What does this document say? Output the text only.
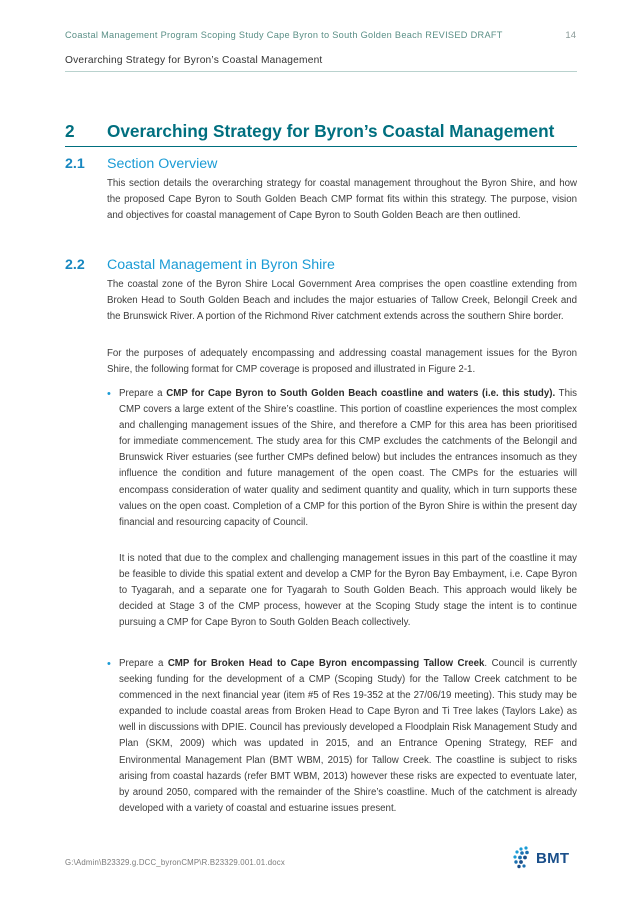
Coastal Management Program Scoping Study Cape Byron to South Golden Beach REVISED DRAFT	14
Overarching Strategy for Byron’s Coastal Management
2 Overarching Strategy for Byron’s Coastal Management
2.1 Section Overview

This section details the overarching strategy for coastal management throughout the Byron Shire, and how the proposed Cape Byron to South Golden Beach CMP format fits within this strategy. The purpose, vision and objectives for coastal management of Cape Byron to South Golden Beach are then outlined.

2.2 Coastal Management in Byron Shire

The coastal zone of the Byron Shire Local Government Area comprises the open coastline extending from Broken Head to South Golden Beach and includes the major estuaries of Tallow Creek, Belongil Creek and the Brunswick River. A portion of the Richmond River catchment extends across the southern Shire border.

For the purposes of adequately encompassing and addressing coastal management issues for the Byron Shire, the following format for CMP coverage is proposed and illustrated in Figure 2-1.

• Prepare a CMP for Cape Byron to South Golden Beach coastline and waters (i.e. this study). This CMP covers a large extent of the Shire’s coastline. This portion of coastline experiences the most complex and challenging management issues of the Shire, and therefore a CMP for this area has been prioritised for immediate commencement. The study area for this CMP excludes the catchments of the Belongil and Brunswick River estuaries (see further CMPs defined below) but includes the entrances insomuch as they influence the condition and future management of the open coast. The CMPs for the estuaries will encompass consideration of water quality and sediment quantity and quality, which in turn supports these values on the open coast. Completion of a CMP for this portion of the Byron Shire is within the present day financial and resourcing capacity of Council.

It is noted that due to the complex and challenging management issues in this part of the coastline it may be feasible to divide this spatial extent and develop a CMP for the Byron Bay Embayment, i.e. Cape Byron to Tyagarah, and a separate one for Tyagarah to South Golden Beach. This approach would likely be decided at Stage 3 of the CMP process, however at the Scoping Study stage the intent is to continue pursuing a CMP for Cape Byron to South Golden Beach collectively.

• Prepare a CMP for Broken Head to Cape Byron encompassing Tallow Creek. Council is currently seeking funding for the development of a CMP (Scoping Study) for the Tallow Creek catchment to be commenced in the next financial year (item #5 of Res 19-352 at the 27/06/19 meeting). This study may be expanded to include coastal areas from Broken Head to Cape Byron and Ti Tree lakes (Taylors Lake) as well in discussions with DPIE. Council has previously developed a Floodplain Risk Management Study and Plan (SKM, 2009) which was updated in 2015, and an Entrance Opening Strategy, REF and Environmental Management Plan (BMT WBM, 2015) for Tallow Creek. The coastline is subject to risks arising from coastal hazards (refer BMT WBM, 2013) however these risks are expected to eventuate later, by around 2050, compared with the remainder of the Shire’s coastline. Much of the catchment is already developed with a variety of coastal and estuarine issues present.
G:\Admin\B23329.g.DCC_byronCMP\R.B23329.001.01.docx	BMT
